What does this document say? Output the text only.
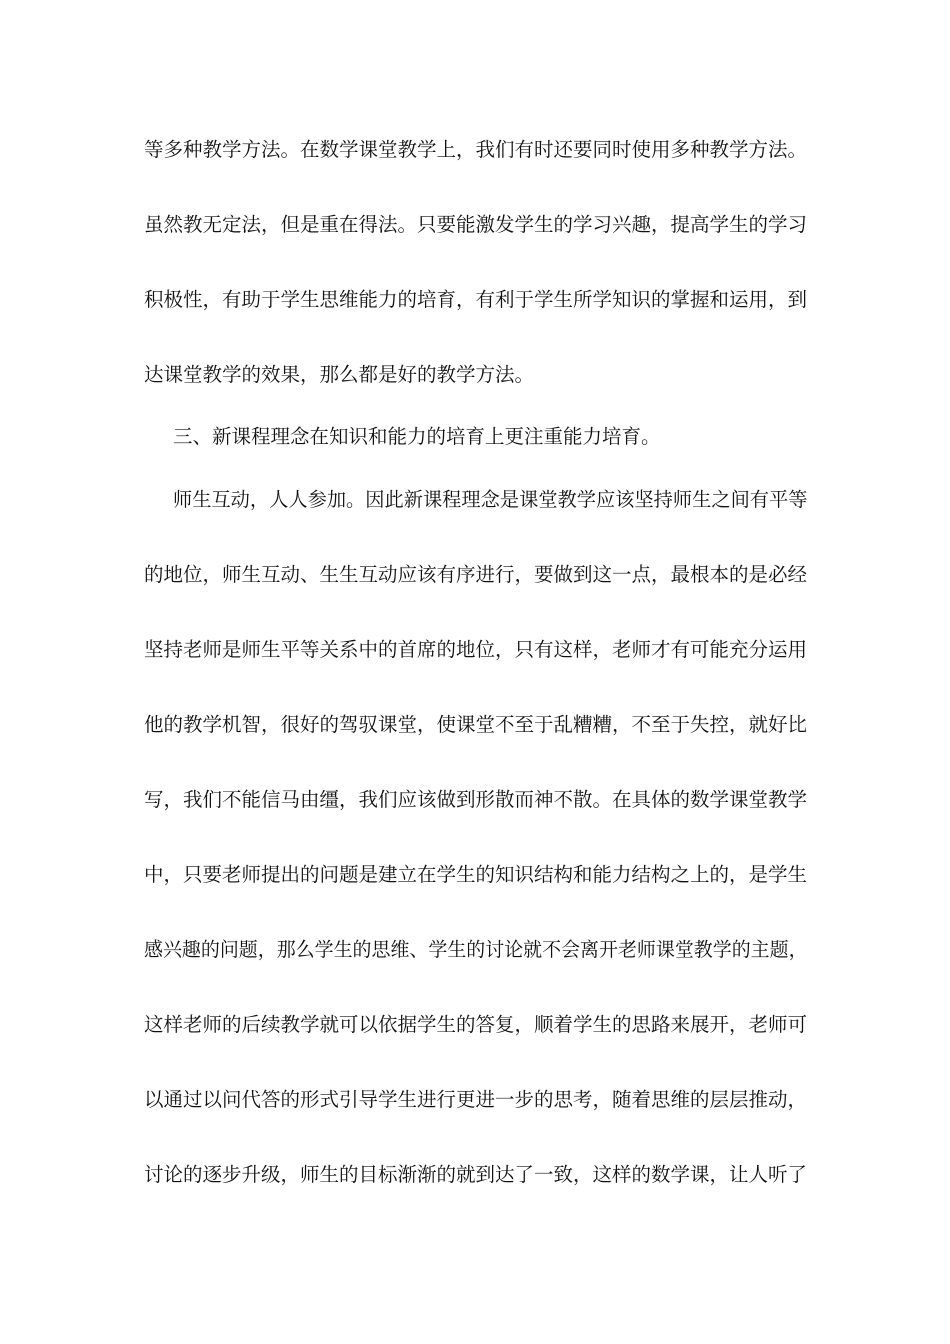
等多种教学方法。在数学课堂教学上，我们有时还要同时使用多种教学方法。
虽然教无定法，但是重在得法。只要能激发学生的学习兴趣，提高学生的学习
积极性，有助于学生思维能力的培育，有利于学生所学知识的掌握和运用，到
达课堂教学的效果，那么都是好的教学方法。
三、新课程理念在知识和能力的培育上更注重能力培育。
师生互动，人人参加。因此新课程理念是课堂教学应该坚持师生之间有平等
的地位，师生互动、生生互动应该有序进行，要做到这一点，最根本的是必经
坚持老师是师生平等关系中的首席的地位，只有这样，老师才有可能充分运用
他的教学机智，很好的驾驭课堂，使课堂不至于乱糟糟，不至于失控，就好比
写，我们不能信马由缰，我们应该做到形散而神不散。在具体的数学课堂教学
中，只要老师提出的问题是建立在学生的知识结构和能力结构之上的，是学生
感兴趣的问题，那么学生的思维、学生的讨论就不会离开老师课堂教学的主题，
这样老师的后续教学就可以依据学生的答复，顺着学生的思路来展开，老师可
以通过以问代答的形式引导学生进行更进一步的思考，随着思维的层层推动，
讨论的逐步升级，师生的目标渐渐的就到达了一致，这样的数学课，让人听了
